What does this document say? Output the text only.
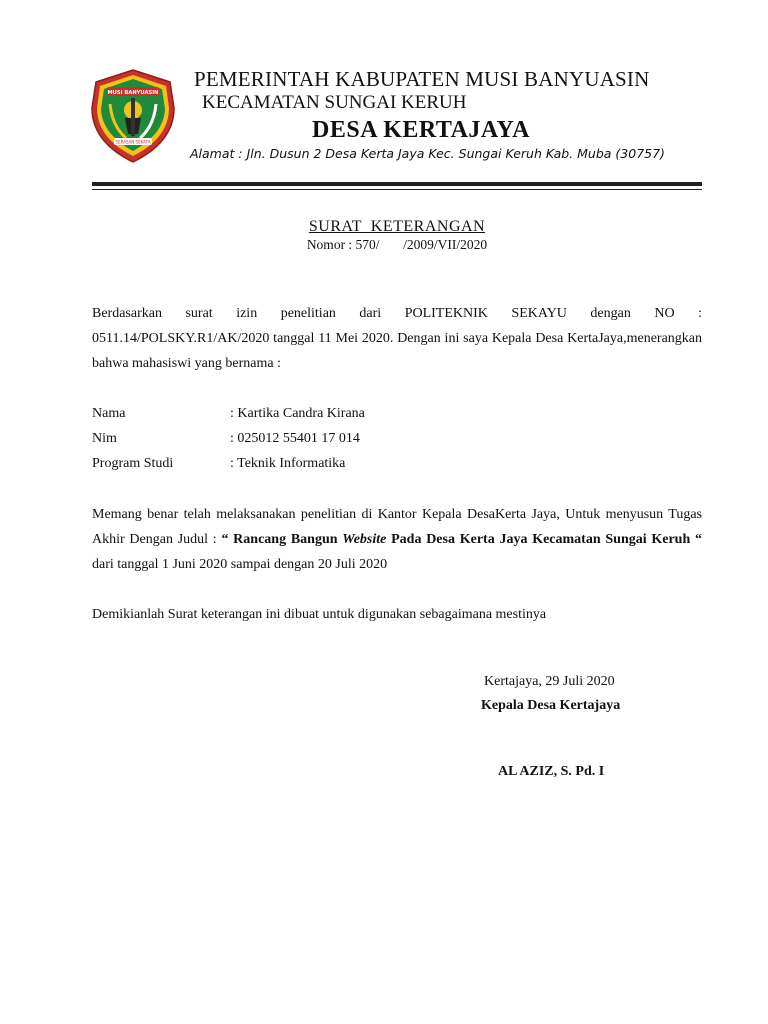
MUSI BANYUASIN
SERASAN SEKATA
PEMERINTAH KABUPATEN MUSI BANYUASIN
KECAMATAN SUNGAI KERUH
DESA KERTAJAYA
Alamat : Jln. Dusun 2 Desa Kerta Jaya Kec. Sungai Keruh Kab. Muba (30757)
SURAT  KETERANGAN
Nomor : 570/       /2009/VII/2020
Berdasarkan surat izin penelitian dari POLITEKNIK SEKAYU dengan NO : 0511.14/POLSKY.R1/AK/2020 tanggal 11 Mei 2020. Dengan ini saya Kepala Desa KertaJaya,menerangkan bahwa mahasiswi yang bernama :
Nama	: Kartika Candra Kirana
Nim	: 025012 55401 17 014
Program Studi	: Teknik Informatika
Memang benar telah melaksanakan penelitian di Kantor Kepala DesaKerta Jaya, Untuk menyusun Tugas Akhir Dengan Judul : “ Rancang Bangun Website Pada Desa Kerta Jaya Kecamatan Sungai Keruh “ dari tanggal 1 Juni 2020 sampai dengan 20 Juli 2020
Demikianlah Surat keterangan ini dibuat untuk digunakan sebagaimana mestinya
Kertajaya, 29 Juli 2020
Kepala Desa Kertajaya
AL AZIZ, S. Pd. I
